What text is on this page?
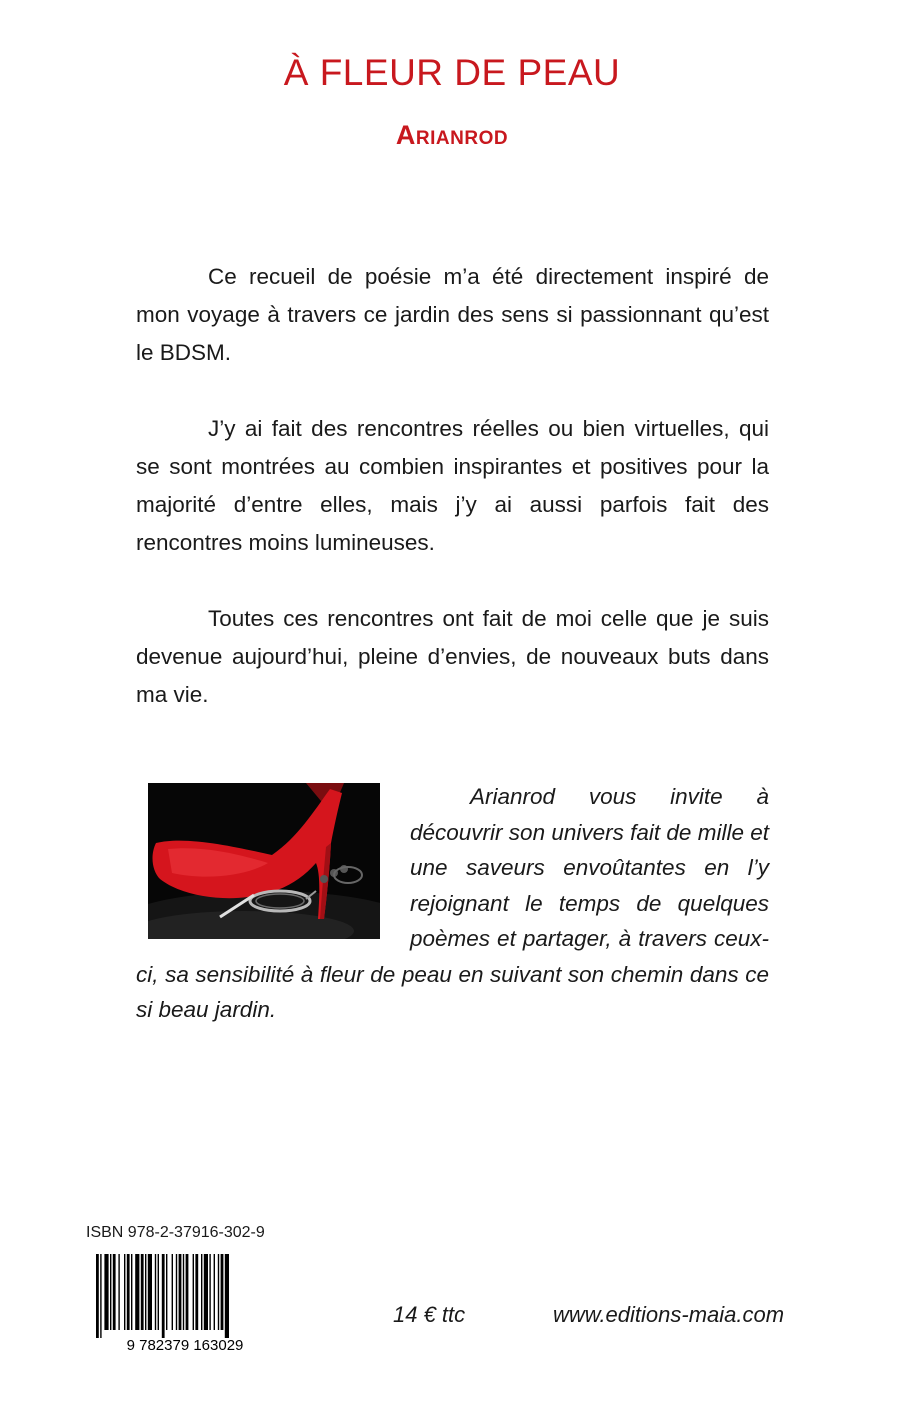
À FLEUR DE PEAU
Arianrod

Ce recueil de poésie m’a été directement inspiré de mon voyage à travers ce jardin des sens si passionnant qu’est le BDSM.

J’y ai fait des rencontres réelles ou bien virtuelles, qui se sont montrées au combien inspirantes et positives pour la majorité d’entre elles, mais j’y ai aussi parfois fait des rencontres moins lumineuses.

Toutes ces rencontres ont fait de moi celle que je suis devenue aujourd’hui, pleine d’envies, de nouveaux buts dans ma vie.

Arianrod vous invite à découvrir son univers fait de mille et une saveurs envoûtantes en l’y rejoignant le temps de quelques poèmes et partager, à travers ceux-ci, sa sensibilité à fleur de peau en suivant son chemin dans ce si beau jardin.

ISBN 978-2-37916-302-9
9 782379 163029
14 € ttc	www.editions-maia.com
